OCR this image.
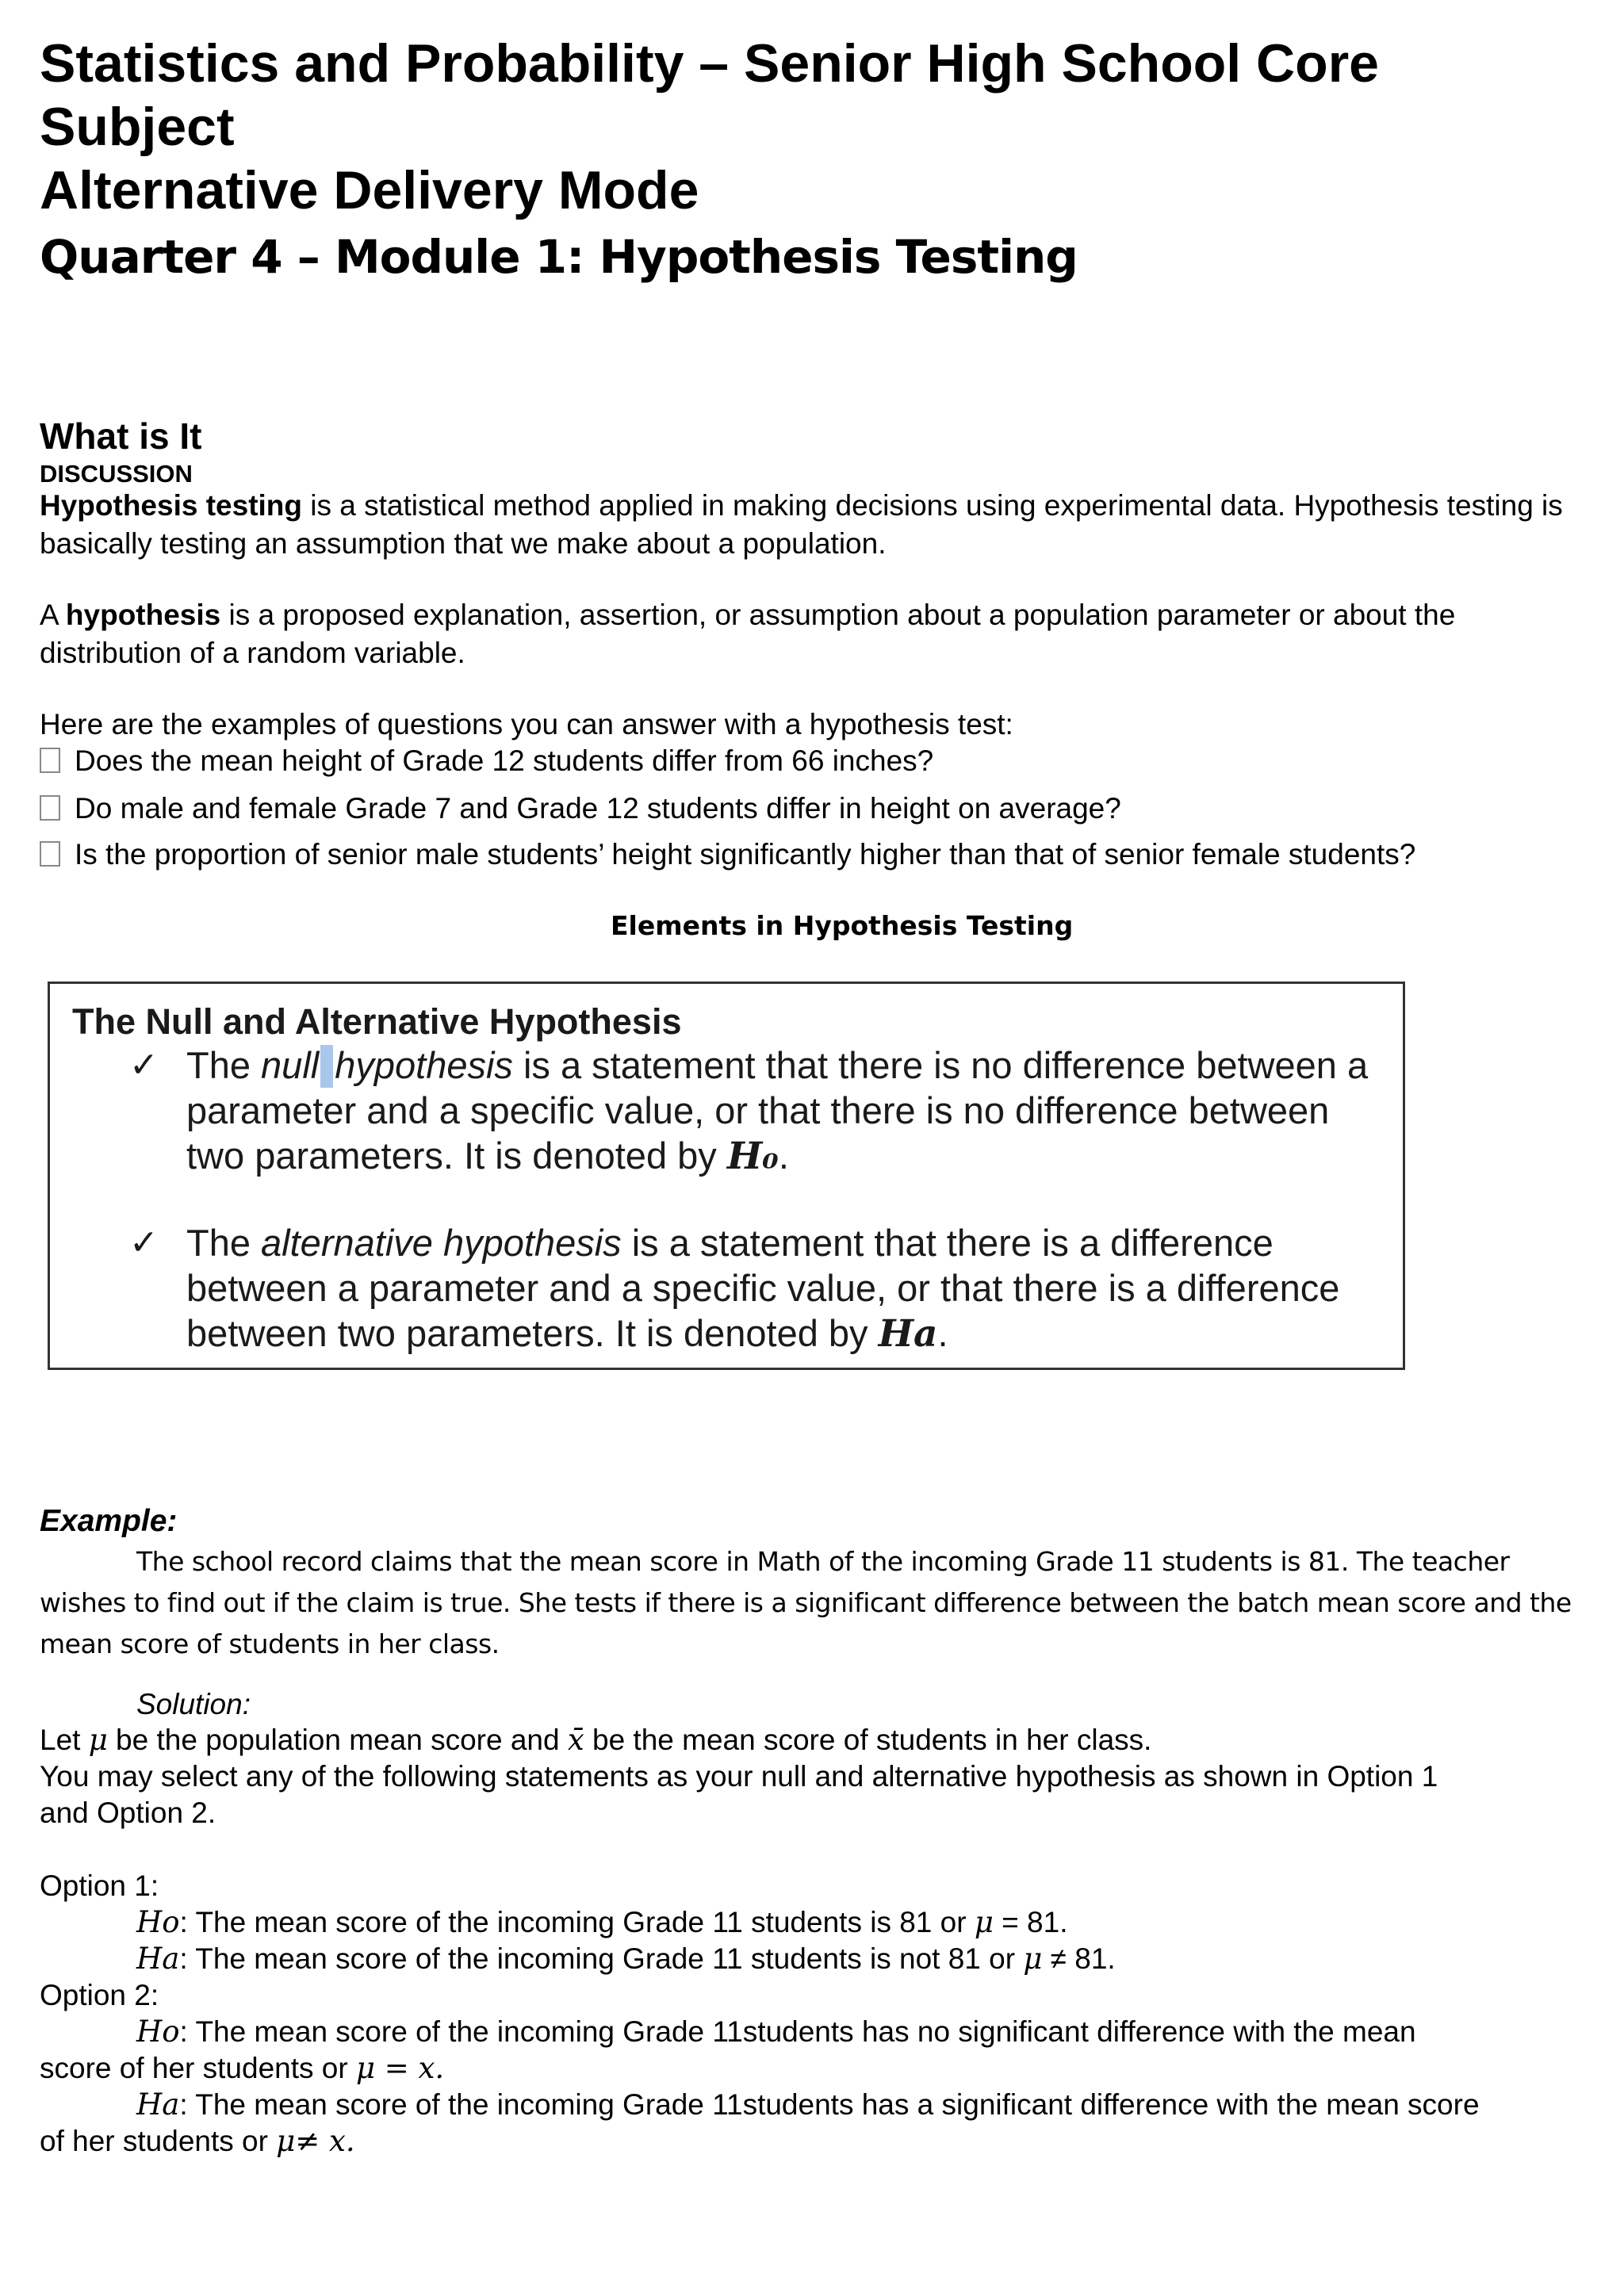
Statistics and Probability – Senior High School Core Subject
Alternative Delivery Mode
Quarter 4 – Module 1: Hypothesis Testing
What is It
DISCUSSION
Hypothesis testing is a statistical method applied in making decisions using experimental data. Hypothesis testing is basically testing an assumption that we make about a population.
A hypothesis is a proposed explanation, assertion, or assumption about a population parameter or about the distribution of a random variable.
Here are the examples of questions you can answer with a hypothesis test:
Does the mean height of Grade 12 students differ from 66 inches?
Do male and female Grade 7 and Grade 12 students differ in height on average?
Is the proportion of senior male students’ height significantly higher than that of senior female students?
Elements in Hypothesis Testing
The Null and Alternative Hypothesis
✓ The null hypothesis is a statement that there is no difference between a parameter and a specific value, or that there is no difference between two parameters. It is denoted by H₀.
✓ The alternative hypothesis is a statement that there is a difference between a parameter and a specific value, or that there is a difference between two parameters. It is denoted by Ha.
Example:
The school record claims that the mean score in Math of the incoming Grade 11 students is 81. The teacher wishes to find out if the claim is true. She tests if there is a significant difference between the batch mean score and the mean score of students in her class.
Solution:
Let μ be the population mean score and x̄ be the mean score of students in her class.
You may select any of the following statements as your null and alternative hypothesis as shown in Option 1
and Option 2.
Option 1:
Ho: The mean score of the incoming Grade 11 students is 81 or μ = 81.
Ha: The mean score of the incoming Grade 11 students is not 81 or μ ≠ 81.
Option 2:
Ho: The mean score of the incoming Grade 11students has no significant difference with the mean
score of her students or μ = x.
Ha: The mean score of the incoming Grade 11students has a significant difference with the mean score
of her students or μ≠ x.
